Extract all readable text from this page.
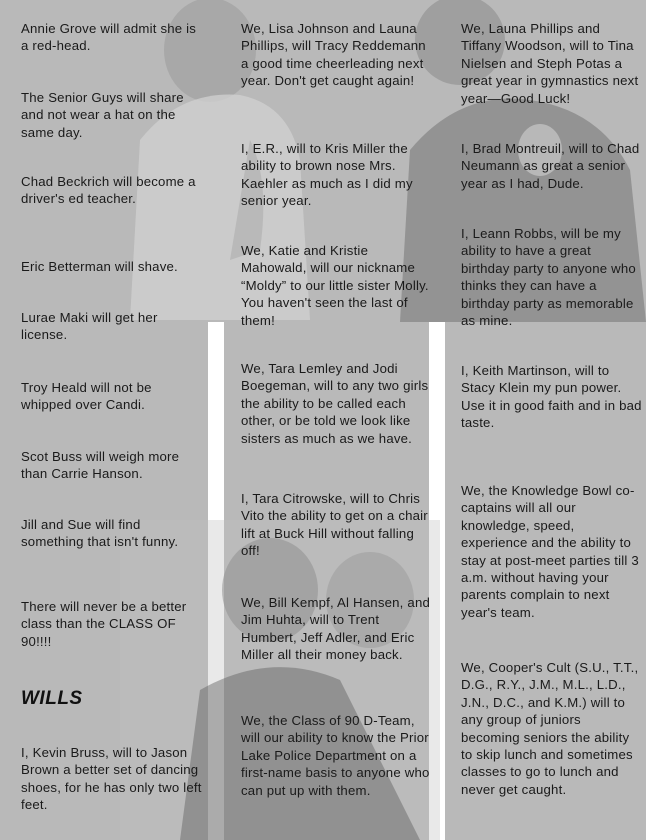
Annie Grove will admit she is a red-head.

The Senior Guys will share and not wear a hat on the same day.

Chad Beckrich will become a driver's ed teacher.

Eric Betterman will shave.

Lurae Maki will get her license.

Troy Heald will not be whipped over Candi.

Scot Buss will weigh more than Carrie Hanson.

Jill and Sue will find something that isn't funny.

There will never be a better class than the CLASS OF 90!!!!

WILLS

I, Kevin Bruss, will to Jason Brown a better set of dancing shoes, for he has only two left feet.

We, Lisa Johnson and Launa Phillips, will Tracy Reddemann a good time cheerleading next year. Don't get caught again!

I, E.R., will to Kris Miller the ability to brown nose Mrs. Kaehler as much as I did my senior year.

We, Katie and Kristie Mahowald, will our nickname “Moldy” to our little sister Molly. You haven't seen the last of them!

We, Tara Lemley and Jodi Boegeman, will to any two girls the ability to be called each other, or be told we look like sisters as much as we have.

I, Tara Citrowske, will to Chris Vito the ability to get on a chair lift at Buck Hill without falling off!

We, Bill Kempf, Al Hansen, and Jim Huhta, will to Trent Humbert, Jeff Adler, and Eric Miller all their money back.

We, the Class of 90 D-Team, will our ability to know the Prior Lake Police Department on a first-name basis to anyone who can put up with them.

We, Launa Phillips and Tiffany Woodson, will to Tina Nielsen and Steph Potas a great year in gymnastics next year—Good Luck!

I, Brad Montreuil, will to Chad Neumann as great a senior year as I had, Dude.

I, Leann Robbs, will be my ability to have a great birthday party to anyone who thinks they can have a birthday party as memorable as mine.

I, Keith Martinson, will to Stacy Klein my pun power. Use it in good faith and in bad taste.

We, the Knowledge Bowl co-captains will all our knowledge, speed, experience and the ability to stay at post-meet parties till 3 a.m. without having your parents complain to next year's team.

We, Cooper's Cult (S.U., T.T., D.G., R.Y., J.M., M.L., L.D., J.N., D.C., and K.M.) will to any group of juniors becoming seniors the ability to skip lunch and sometimes classes to go to lunch and never get caught.
